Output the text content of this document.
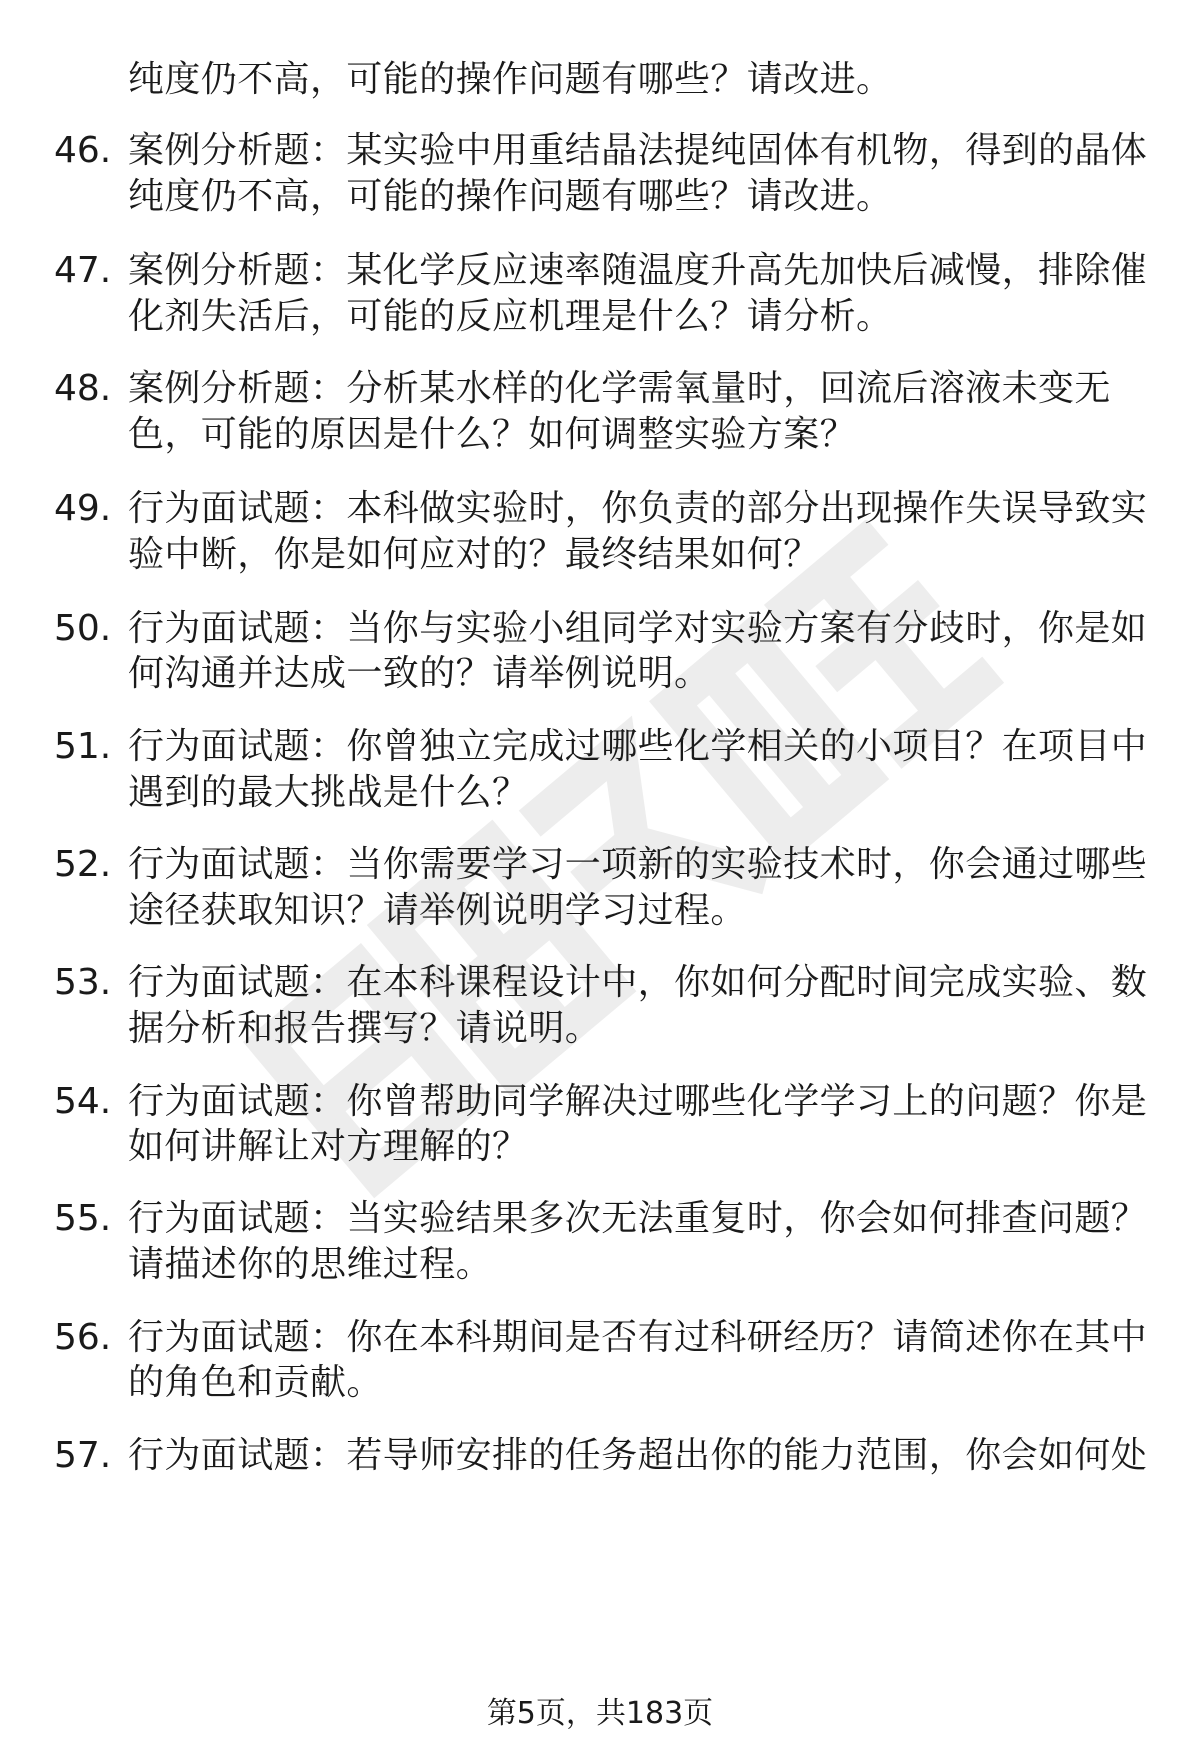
纯度仍不高，可能的操作问题有哪些？请改进。
46. 案例分析题：某实验中用重结晶法提纯固体有机物，得到的晶体
纯度仍不高，可能的操作问题有哪些？请改进。
47. 案例分析题：某化学反应速率随温度升高先加快后减慢，排除催
化剂失活后，可能的反应机理是什么？请分析。
48. 案例分析题：分析某水样的化学需氧量时，回流后溶液未变无
色，可能的原因是什么？如何调整实验方案？
49. 行为面试题：本科做实验时，你负责的部分出现操作失误导致实
验中断，你是如何应对的？最终结果如何？
50. 行为面试题：当你与实验小组同学对实验方案有分歧时，你是如
何沟通并达成一致的？请举例说明。
51. 行为面试题：你曾独立完成过哪些化学相关的小项目？在项目中
遇到的最大挑战是什么？
52. 行为面试题：当你需要学习一项新的实验技术时，你会通过哪些
途径获取知识？请举例说明学习过程。
53. 行为面试题：在本科课程设计中，你如何分配时间完成实验、数
据分析和报告撰写？请说明。
54. 行为面试题：你曾帮助同学解决过哪些化学学习上的问题？你是
如何讲解让对方理解的？
55. 行为面试题：当实验结果多次无法重复时，你会如何排查问题？
请描述你的思维过程。
56. 行为面试题：你在本科期间是否有过科研经历？请简述你在其中
的角色和贡献。
57. 行为面试题：若导师安排的任务超出你的能力范围，你会如何处
第5页，共183页
